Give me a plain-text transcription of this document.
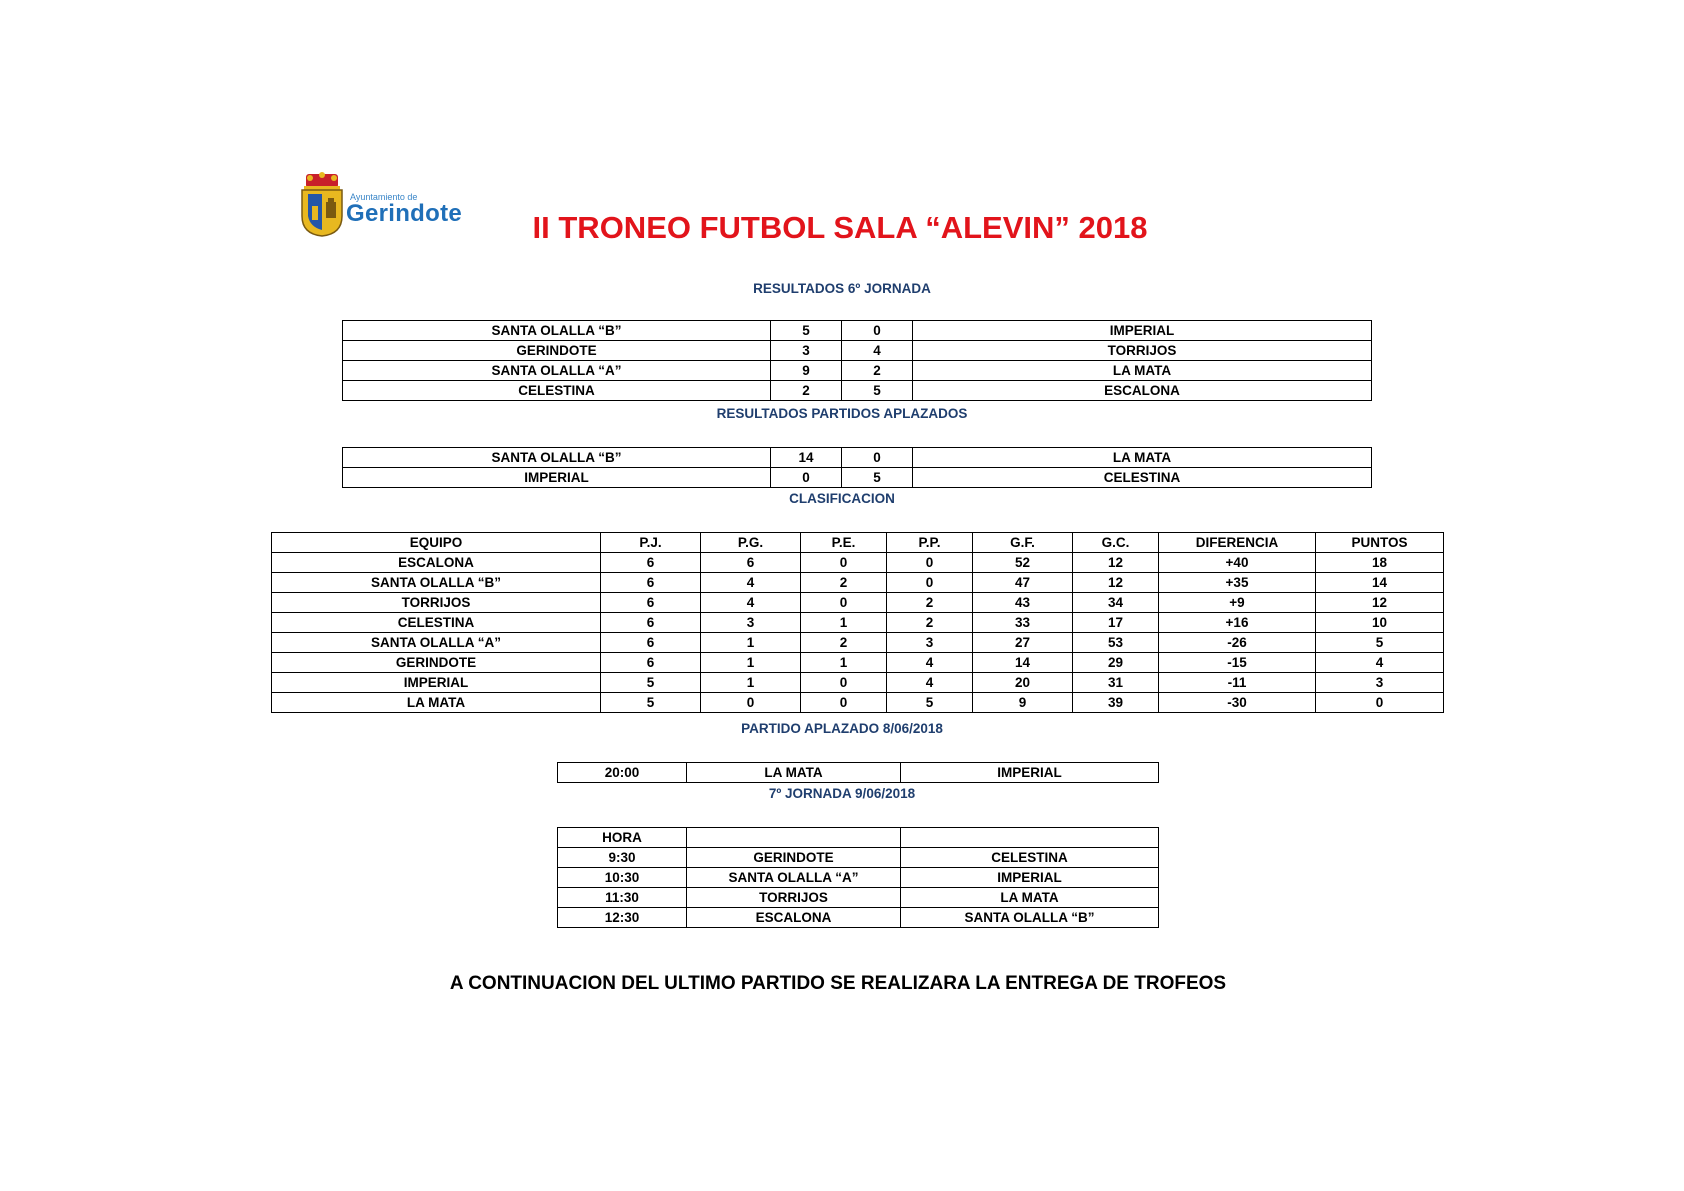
Ayuntamiento de
Gerindote	II TRONEO FUTBOL SALA “ALEVIN” 2018
RESULTADOS 6º JORNADA
SANTA OLALLA “B”	5	0	IMPERIAL
GERINDOTE	3	4	TORRIJOS
SANTA OLALLA “A”	9	2	LA MATA
CELESTINA	2	5	ESCALONA
RESULTADOS PARTIDOS APLAZADOS
SANTA OLALLA “B”	14	0	LA MATA
IMPERIAL	0	5	CELESTINA
CLASIFICACION
EQUIPO	P.J.	P.G.	P.E.	P.P.	G.F.	G.C.	DIFERENCIA	PUNTOS
ESCALONA	6	6	0	0	52	12	+40	18
SANTA OLALLA “B”	6	4	2	0	47	12	+35	14
TORRIJOS	6	4	0	2	43	34	+9	12
CELESTINA	6	3	1	2	33	17	+16	10
SANTA OLALLA “A”	6	1	2	3	27	53	-26	5
GERINDOTE	6	1	1	4	14	29	-15	4
IMPERIAL	5	1	0	4	20	31	-11	3
LA MATA	5	0	0	5	9	39	-30	0
PARTIDO APLAZADO 8/06/2018
20:00	LA MATA	IMPERIAL
7º JORNADA 9/06/2018
HORA		
9:30	GERINDOTE	CELESTINA
10:30	SANTA OLALLA “A”	IMPERIAL
11:30	TORRIJOS	LA MATA
12:30	ESCALONA	SANTA OLALLA “B”
A CONTINUACION DEL ULTIMO PARTIDO SE REALIZARA LA ENTREGA DE TROFEOS
